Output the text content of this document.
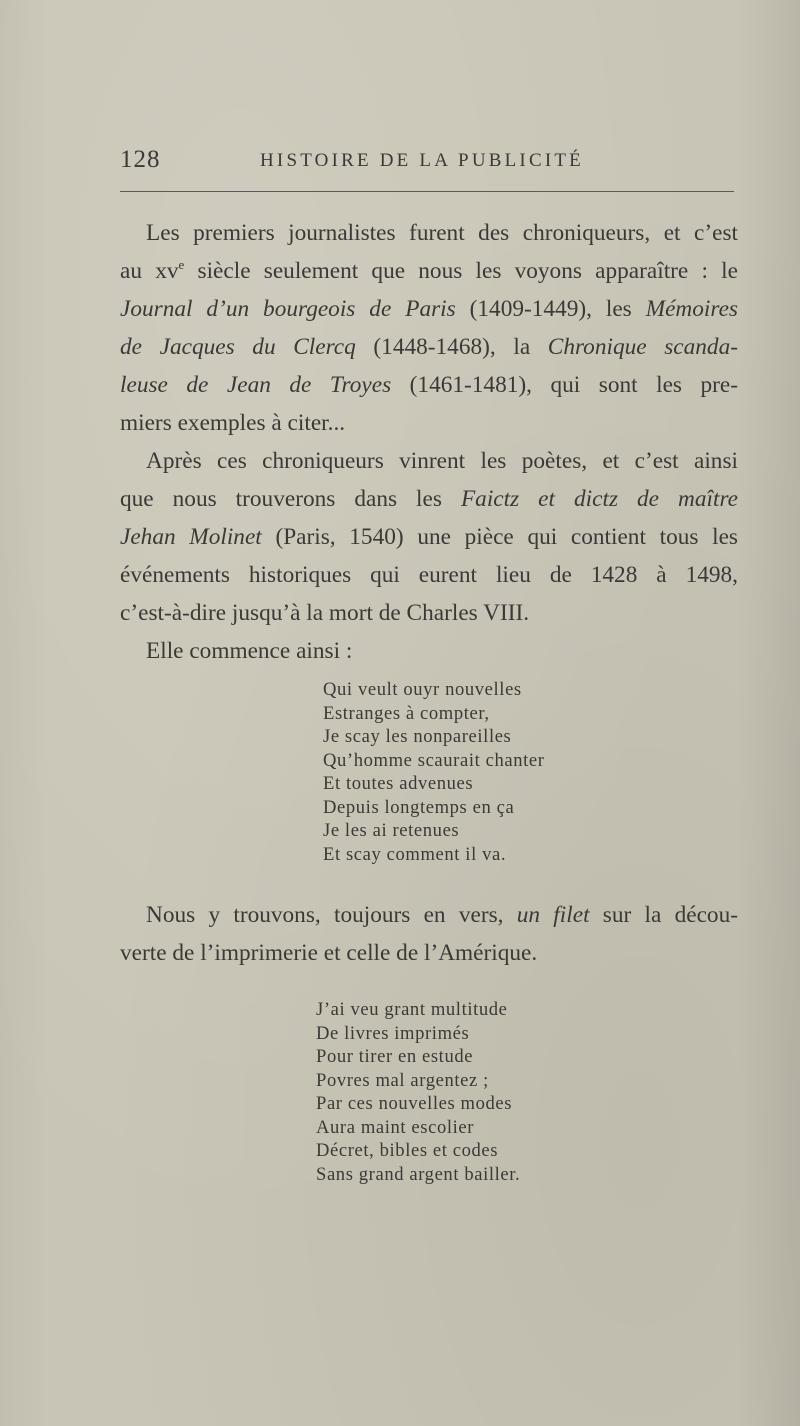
128	HISTOIRE DE LA PUBLICITÉ

Les premiers journalistes furent des chroniqueurs, et c’est
au $xv^e$ siècle seulement que nous les voyons apparaître : le
Journal d’un bourgeois de Paris (1409-1449), les Mémoires
de Jacques du Clercq (1448-1468), la Chronique scanda-
leuse de Jean de Troyes (1461-1481), qui sont les pre-
miers exemples à citer...

Après ces chroniqueurs vinrent les poètes, et c’est ainsi
que nous trouverons dans les Faictz et dictz de maître
Jehan Molinet (Paris, 1540) une pièce qui contient tous les
événements historiques qui eurent lieu de 1428 à 1498,
c’est-à-dire jusqu’à la mort de Charles VIII.

Elle commence ainsi :

Qui veult ouyr nouvelles
Estranges à compter,
Je scay les nonpareilles
Qu’homme scaurait chanter
Et toutes advenues
Depuis longtemps en ça
Je les ai retenues
Et scay comment il va.
Nous y trouvons, toujours en vers, un filet sur la décou-
verte de l’imprimerie et celle de l’Amérique.
J’ai veu grant multitude
De livres imprimés
Pour tirer en estude
Povres mal argentez ;
Par ces nouvelles modes
Aura maint escolier
Décret, bibles et codes
Sans grand argent bailler.
